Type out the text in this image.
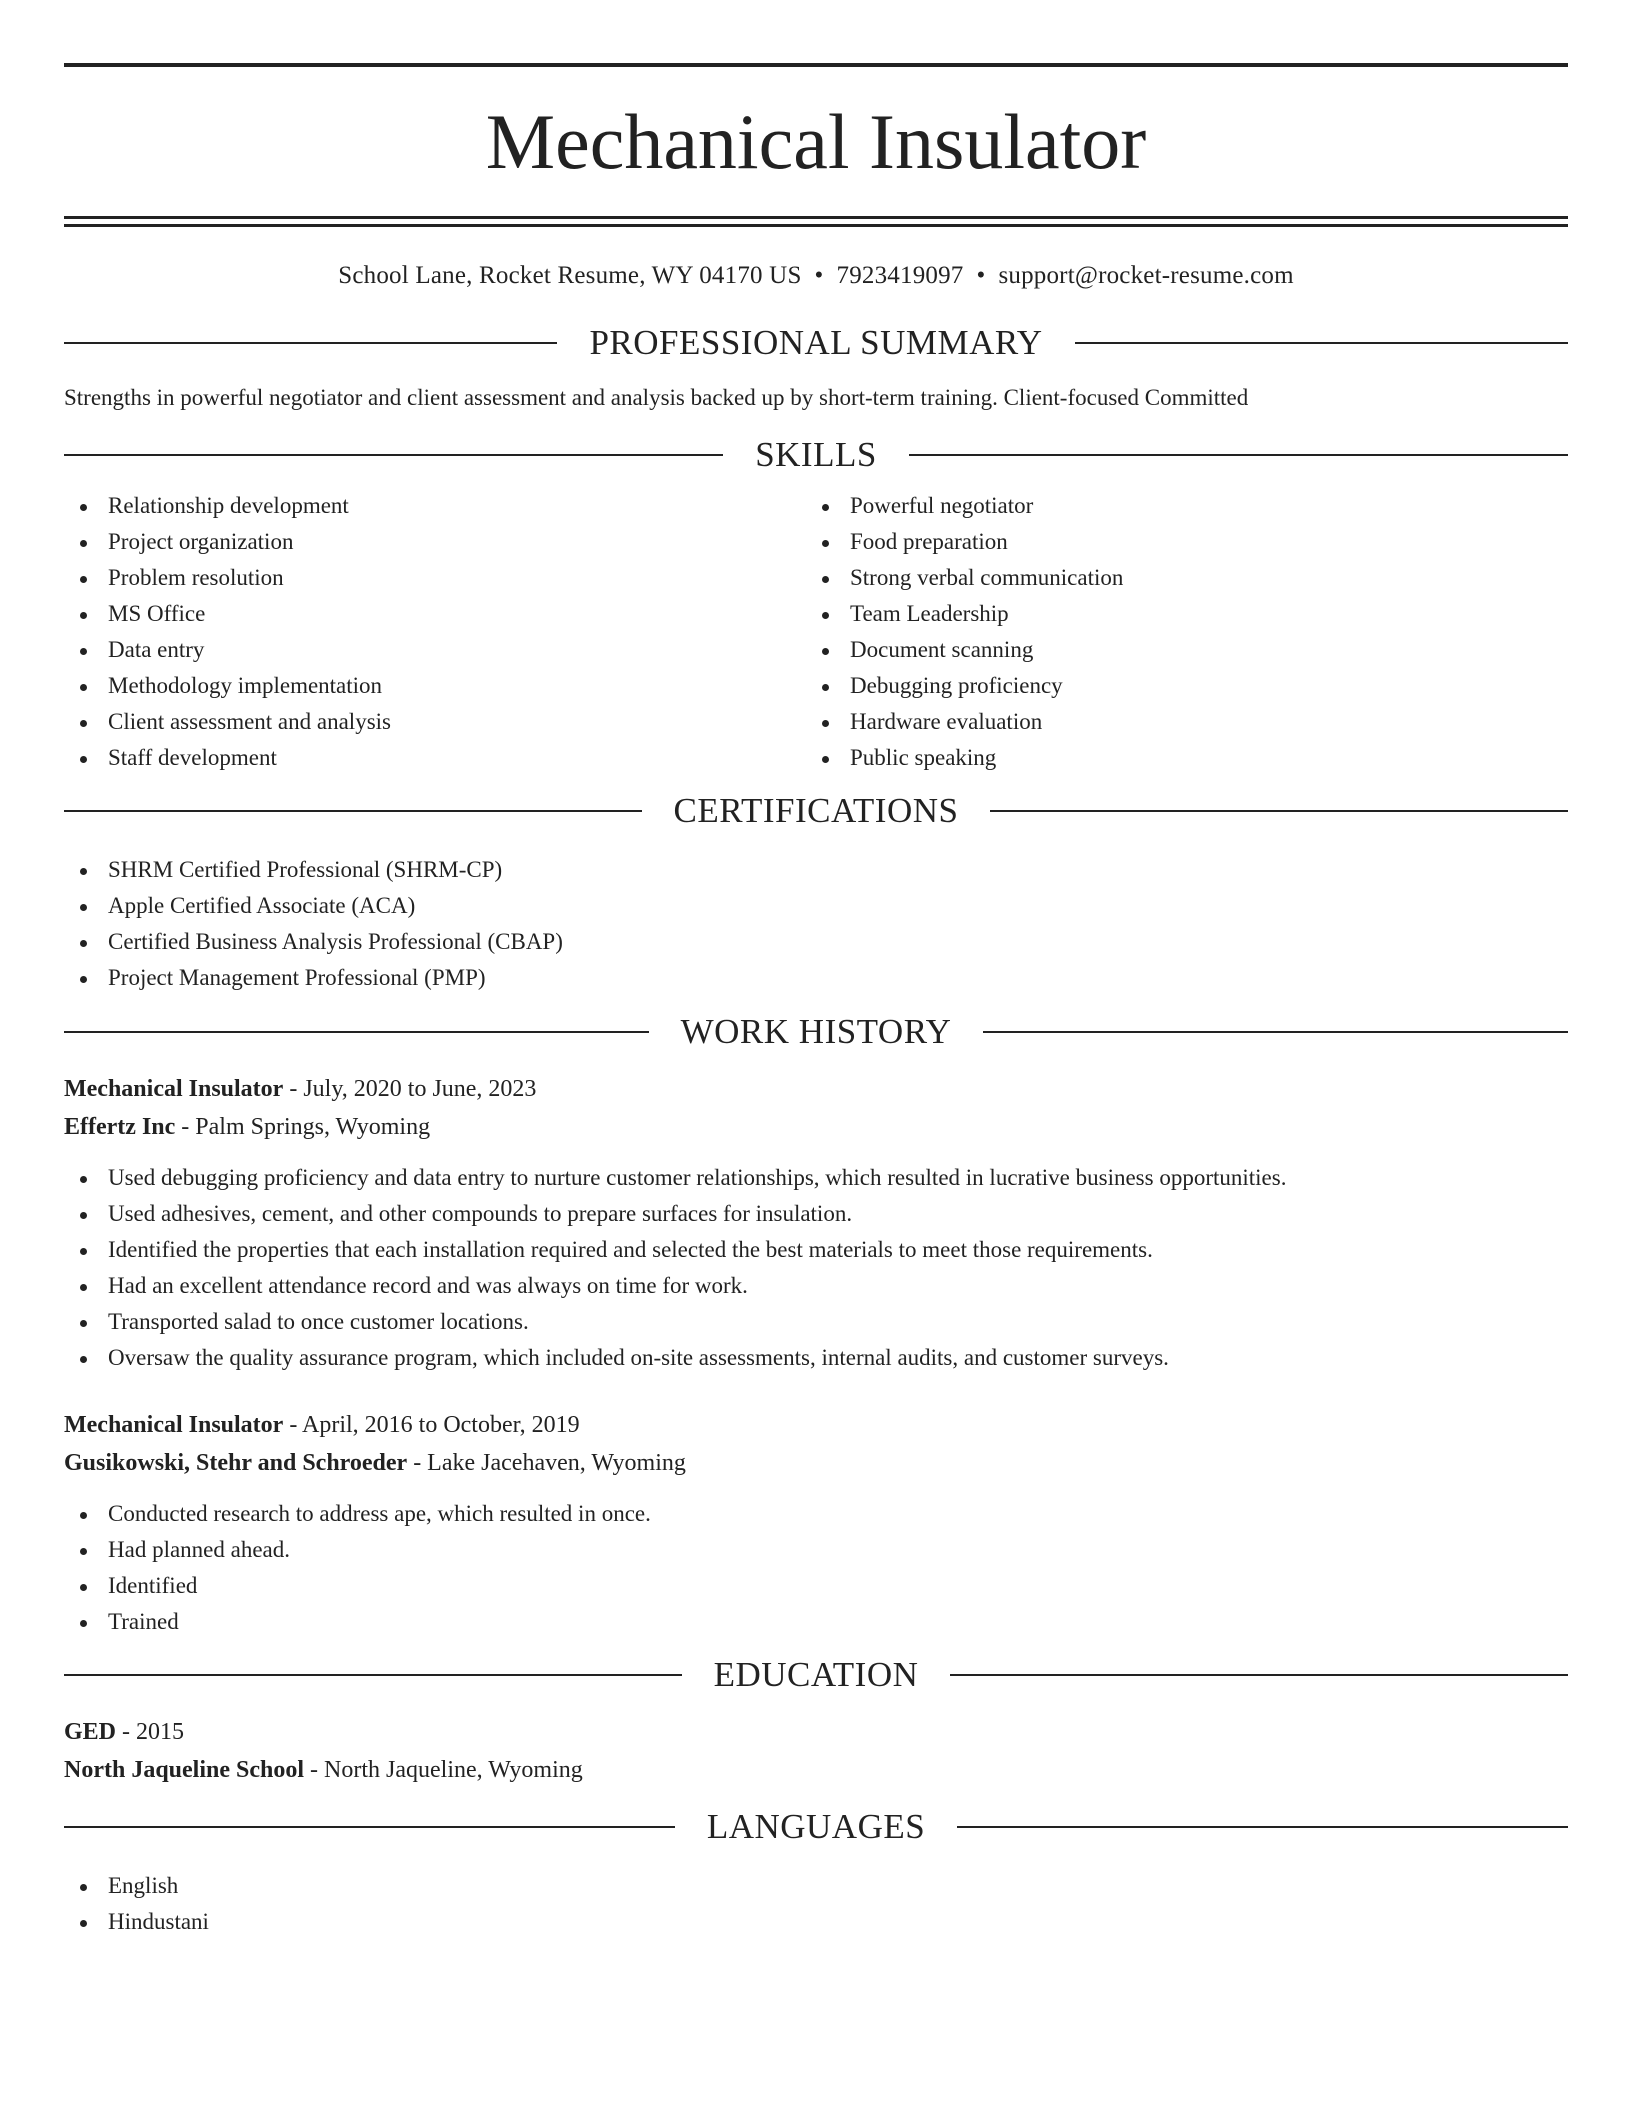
Mechanical Insulator
School Lane, Rocket Resume, WY 04170 US • 7923419097 • support@rocket-resume.com
PROFESSIONAL SUMMARY

Strengths in powerful negotiator and client assessment and analysis backed up by short-term training. Client-focused Committed

SKILLS
Relationship development
Project organization
Problem resolution
MS Office
Data entry
Methodology implementation
Client assessment and analysis
Staff development
Powerful negotiator
Food preparation
Strong verbal communication
Team Leadership
Document scanning
Debugging proficiency
Hardware evaluation
Public speaking
CERTIFICATIONS
SHRM Certified Professional (SHRM-CP)
Apple Certified Associate (ACA)
Certified Business Analysis Professional (CBAP)
Project Management Professional (PMP)
WORK HISTORY
Mechanical Insulator - July, 2020 to June, 2023
Effertz Inc - Palm Springs, Wyoming
Used debugging proficiency and data entry to nurture customer relationships, which resulted in lucrative business opportunities.
Used adhesives, cement, and other compounds to prepare surfaces for insulation.
Identified the properties that each installation required and selected the best materials to meet those requirements.
Had an excellent attendance record and was always on time for work.
Transported salad to once customer locations.
Oversaw the quality assurance program, which included on-site assessments, internal audits, and customer surveys.
Mechanical Insulator - April, 2016 to October, 2019
Gusikowski, Stehr and Schroeder - Lake Jacehaven, Wyoming
Conducted research to address ape, which resulted in once.
Had planned ahead.
Identified
Trained
EDUCATION
GED - 2015
North Jaqueline School - North Jaqueline, Wyoming
LANGUAGES
English
Hindustani
